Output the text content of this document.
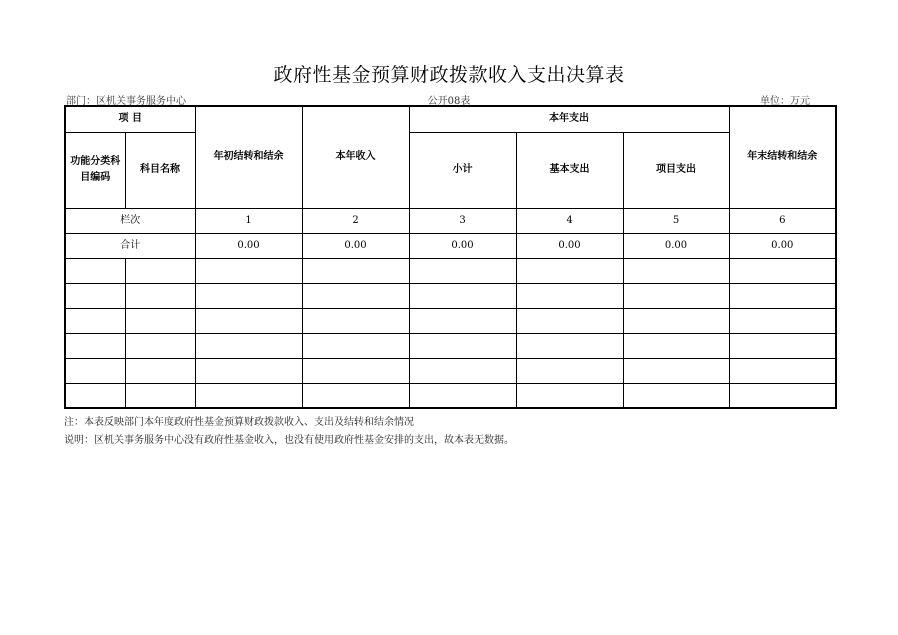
政府性基金预算财政拨款收入支出决算表
部门：区机关事务服务中心	公开08表	单位：万元
项 目		年初结转和结余	本年收入	本年支出			年末结转和结余
功能分类科目编码	科目名称			小计	基本支出	项目支出	

栏次		1	2	3	4	5	6
合计		0.00	0.00	0.00	0.00	0.00	0.00

注：本表反映部门本年度政府性基金预算财政拨款收入、支出及结转和结余情况
说明：区机关事务服务中心没有政府性基金收入，也没有使用政府性基金安排的支出，故本表无数据。
